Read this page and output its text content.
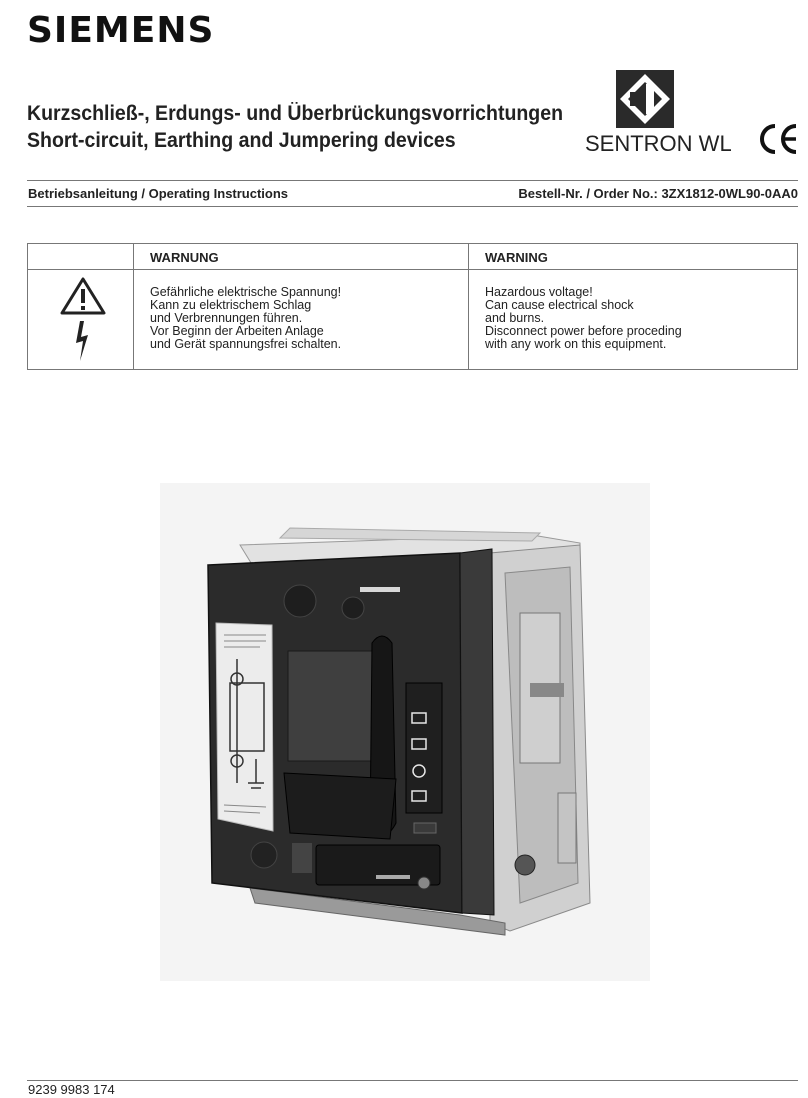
SIEMENS
Kurzschließ-, Erdungs- und Überbrückungsvorrichtungen
Short-circuit, Earthing and Jumpering devices	SENTRON WL
Betriebsanleitung / Operating Instructions	Bestell-Nr. / Order No.: 3ZX1812-0WL90-0AA0
WARNUNG	WARNING
Gefährliche elektrische Spannung!
Kann zu elektrischem Schlag
und Verbrennungen führen.
Vor Beginn der Arbeiten Anlage
und Gerät spannungsfrei schalten.
Hazardous voltage!
Can cause electrical shock
and burns.
Disconnect power before proceding
with any work on this equipment.
9239 9983 174
